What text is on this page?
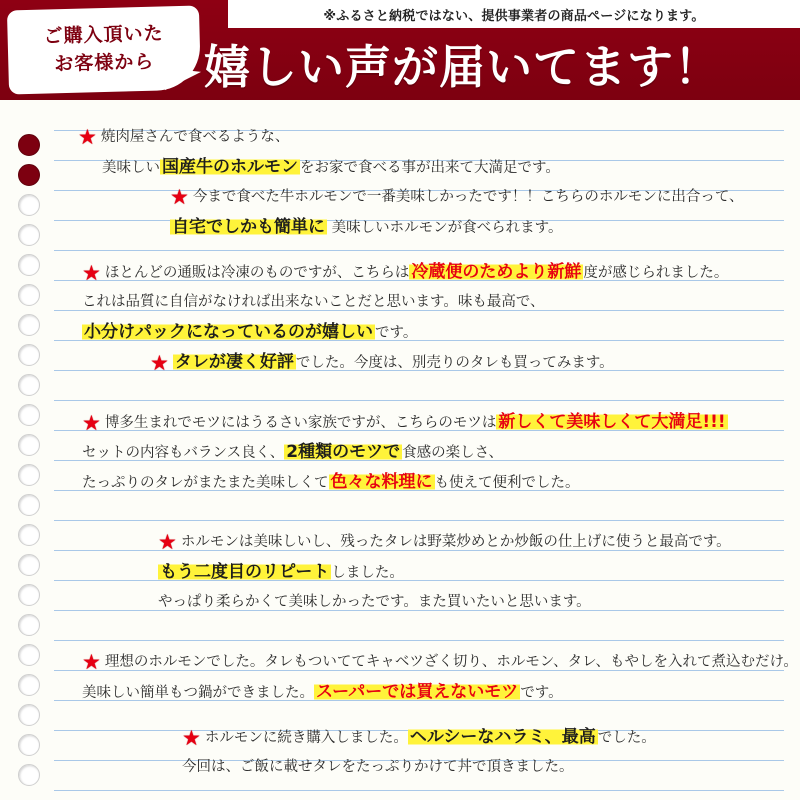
※ふるさと納税ではない、提供事業者の商品ページになります。
ご購入頂いた
お客様から 嬉しい声が届いてます！
★ 焼肉屋さんで食べるような、
美味しい 国産牛のホルモン をお家で食べる事が出来て大満足です。
★ 今まで食べた牛ホルモンで一番美味しかったです！！こちらのホルモンに出合って、
自宅でしかも簡単に 美味しいホルモンが食べられます。
★ ほとんどの通販は冷凍のものですが、こちらは 冷蔵便のためより新鮮 度が感じられました。
これは品質に自信がなければ出来ないことだと思います。味も最高で、
小分けパックになっているのが嬉しい です。
★ タレが凄く好評 でした。今度は、別売りのタレも買ってみます。
★ 博多生まれでモツにはうるさい家族ですが、こちらのモツは 新しくて美味しくて大満足!!!
セットの内容もバランス良く、 2種類のモツで 食感の楽しさ、
たっぷりのタレがまたまた美味しくて 色々な料理に も使えて便利でした。
★ ホルモンは美味しいし、残ったタレは野菜炒めとか炒飯の仕上げに使うと最高です。
もう二度目のリピート しました。
やっぱり柔らかくて美味しかったです。また買いたいと思います。
★ 理想のホルモンでした。タレもついててキャベツざく切り、ホルモン、タレ、もやしを入れて煮込むだけ。
美味しい簡単もつ鍋ができました。 スーパーでは買えないモツ です。
★ ホルモンに続き購入しました。 ヘルシーなハラミ、最高 でした。
今回は、ご飯に載せタレをたっぷりかけて丼で頂きました。
